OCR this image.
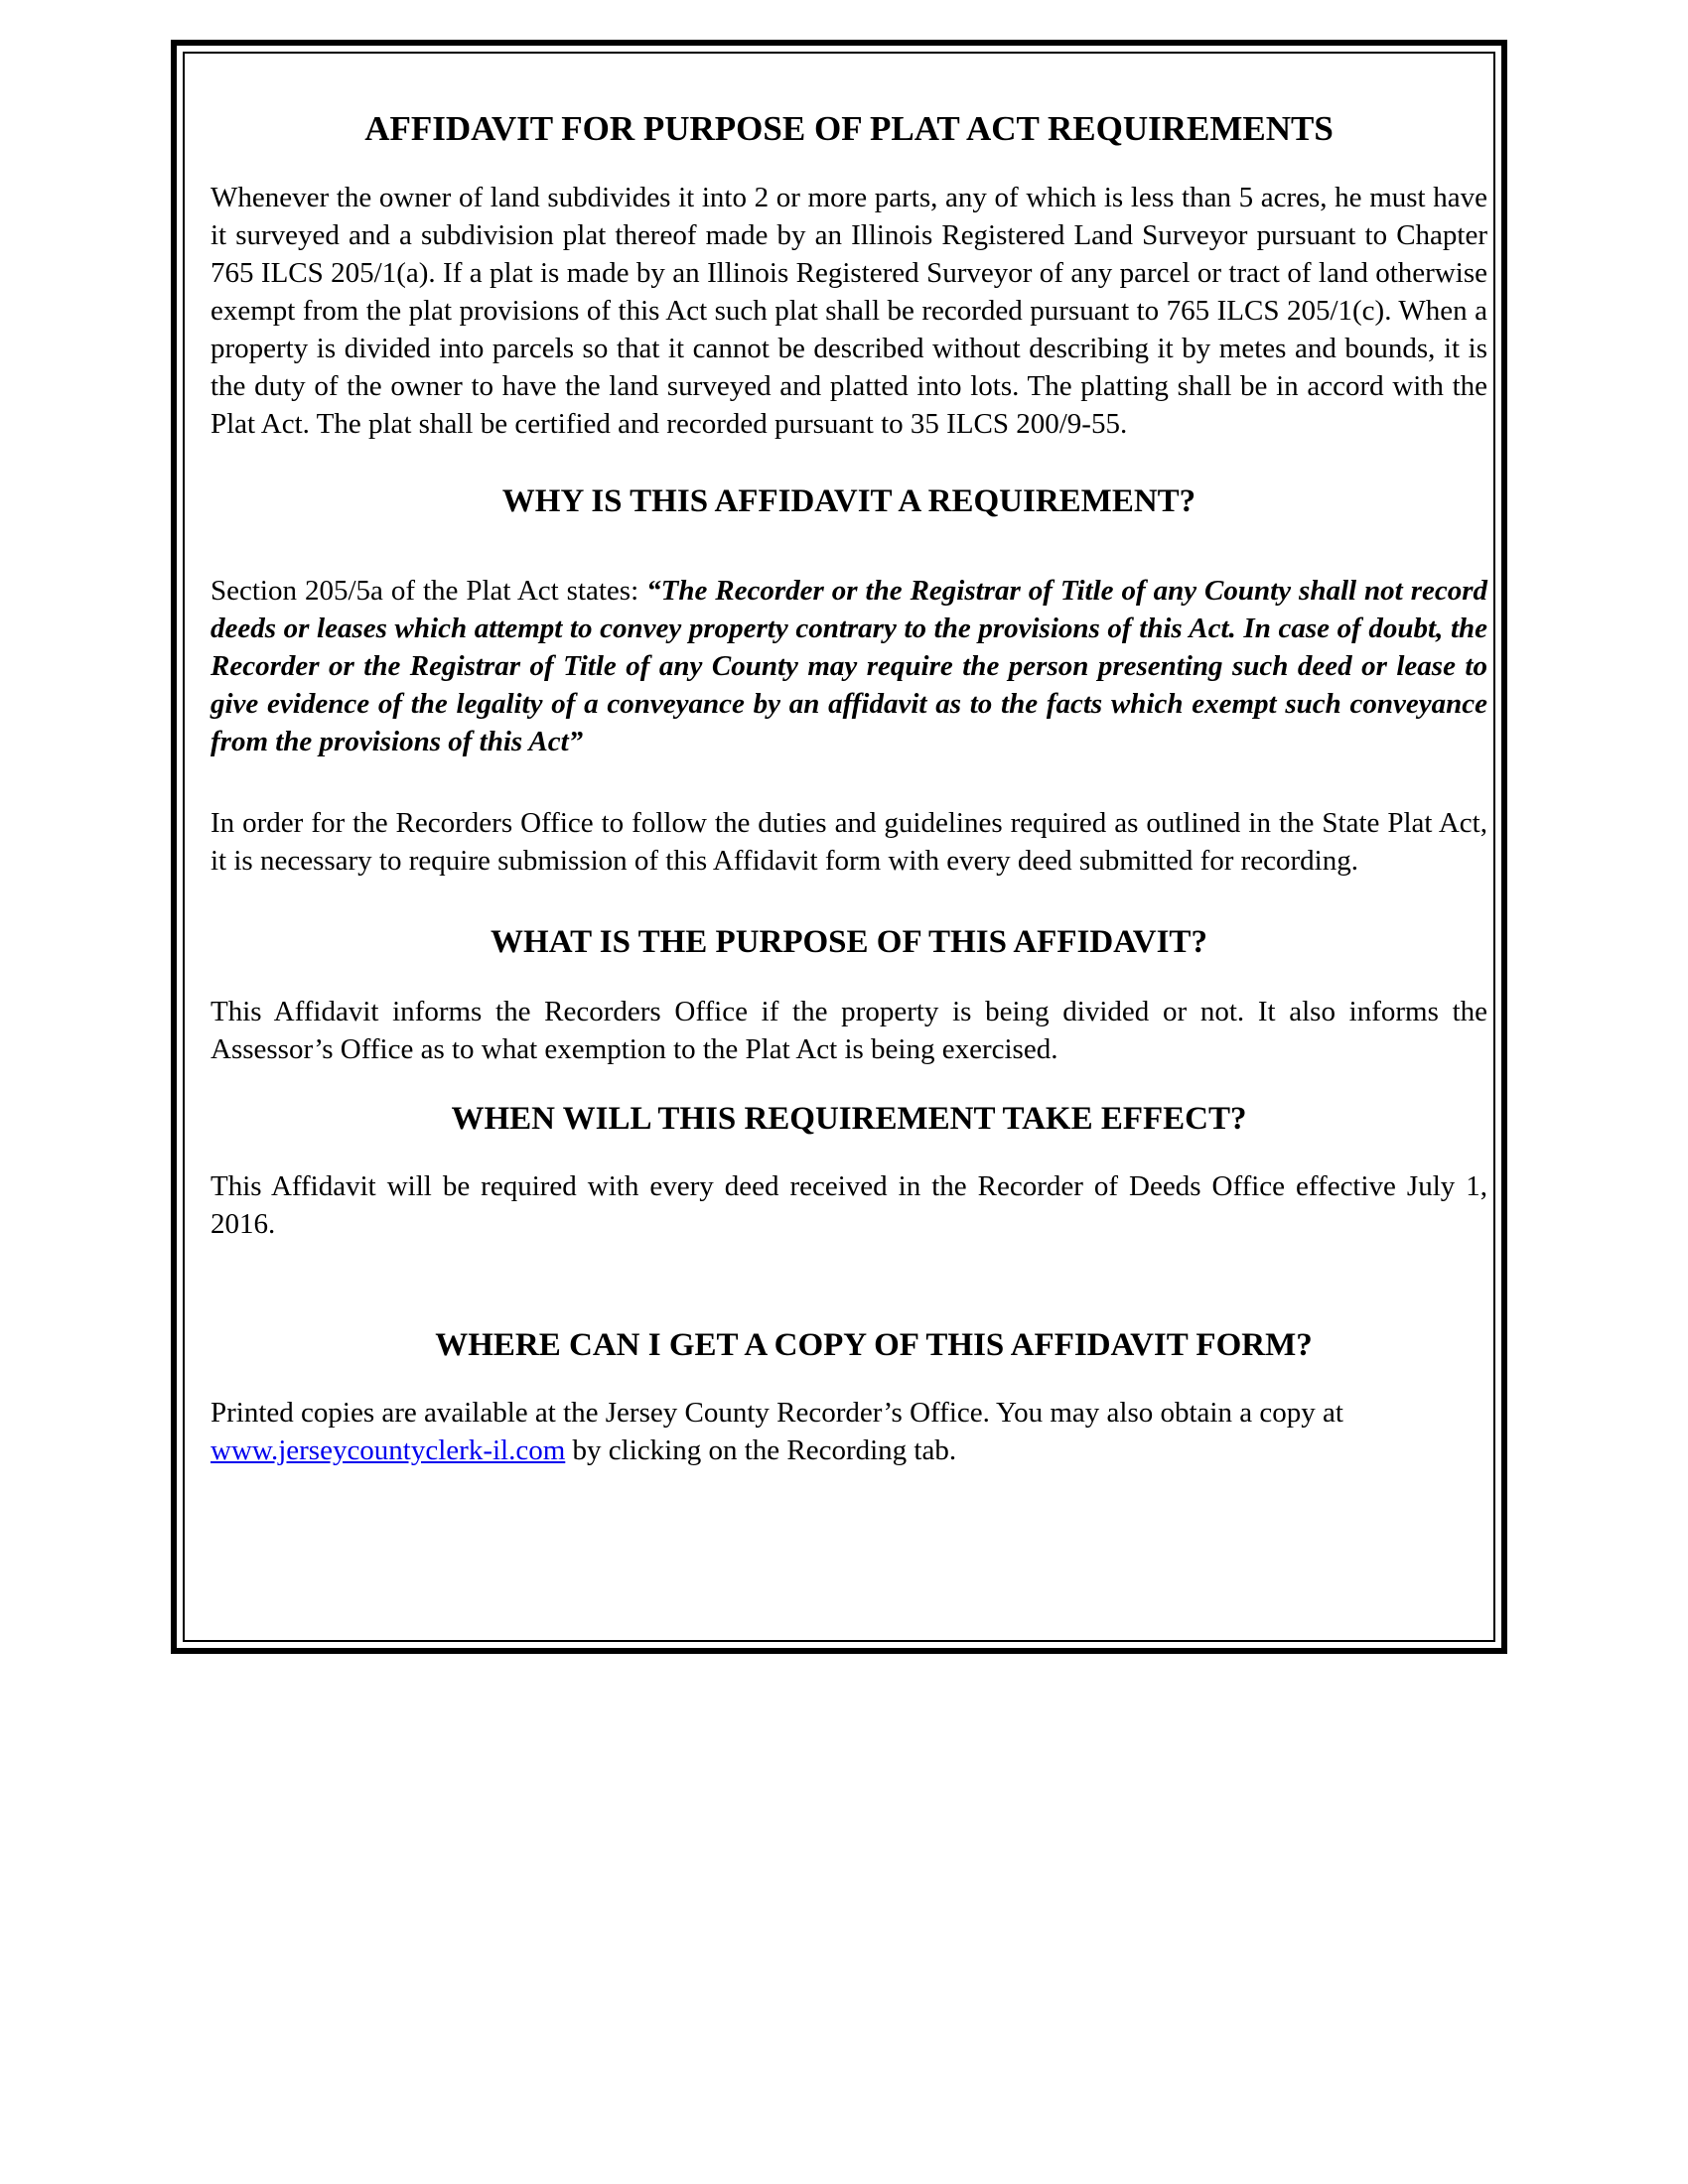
AFFIDAVIT FOR PURPOSE OF PLAT ACT REQUIREMENTS

Whenever the owner of land subdivides it into 2 or more parts, any of which is less than 5 acres, he must have it surveyed and a subdivision plat thereof made by an Illinois Registered Land Surveyor pursuant to Chapter 765 ILCS 205/1(a). If a plat is made by an Illinois Registered Surveyor of any parcel or tract of land otherwise exempt from the plat provisions of this Act such plat shall be recorded pursuant to 765 ILCS 205/1(c). When a property is divided into parcels so that it cannot be described without describing it by metes and bounds, it is the duty of the owner to have the land surveyed and platted into lots. The platting shall be in accord with the Plat Act. The plat shall be certified and recorded pursuant to 35 ILCS 200/9-55.

WHY IS THIS AFFIDAVIT A REQUIREMENT?

Section 205/5a of the Plat Act states: “The Recorder or the Registrar of Title of any County shall not record deeds or leases which attempt to convey property contrary to the provisions of this Act. In case of doubt, the Recorder or the Registrar of Title of any County may require the person presenting such deed or lease to give evidence of the legality of a conveyance by an affidavit as to the facts which exempt such conveyance from the provisions of this Act”

In order for the Recorders Office to follow the duties and guidelines required as outlined in the State Plat Act, it is necessary to require submission of this Affidavit form with every deed submitted for recording.

WHAT IS THE PURPOSE OF THIS AFFIDAVIT?

This Affidavit informs the Recorders Office if the property is being divided or not. It also informs the Assessor’s Office as to what exemption to the Plat Act is being exercised.

WHEN WILL THIS REQUIREMENT TAKE EFFECT?

This Affidavit will be required with every deed received in the Recorder of Deeds Office effective July 1, 2016.

WHERE CAN I GET A COPY OF THIS AFFIDAVIT FORM?

Printed copies are available at the Jersey County Recorder’s Office. You may also obtain a copy at www.jerseycountyclerk-il.com by clicking on the Recording tab.
